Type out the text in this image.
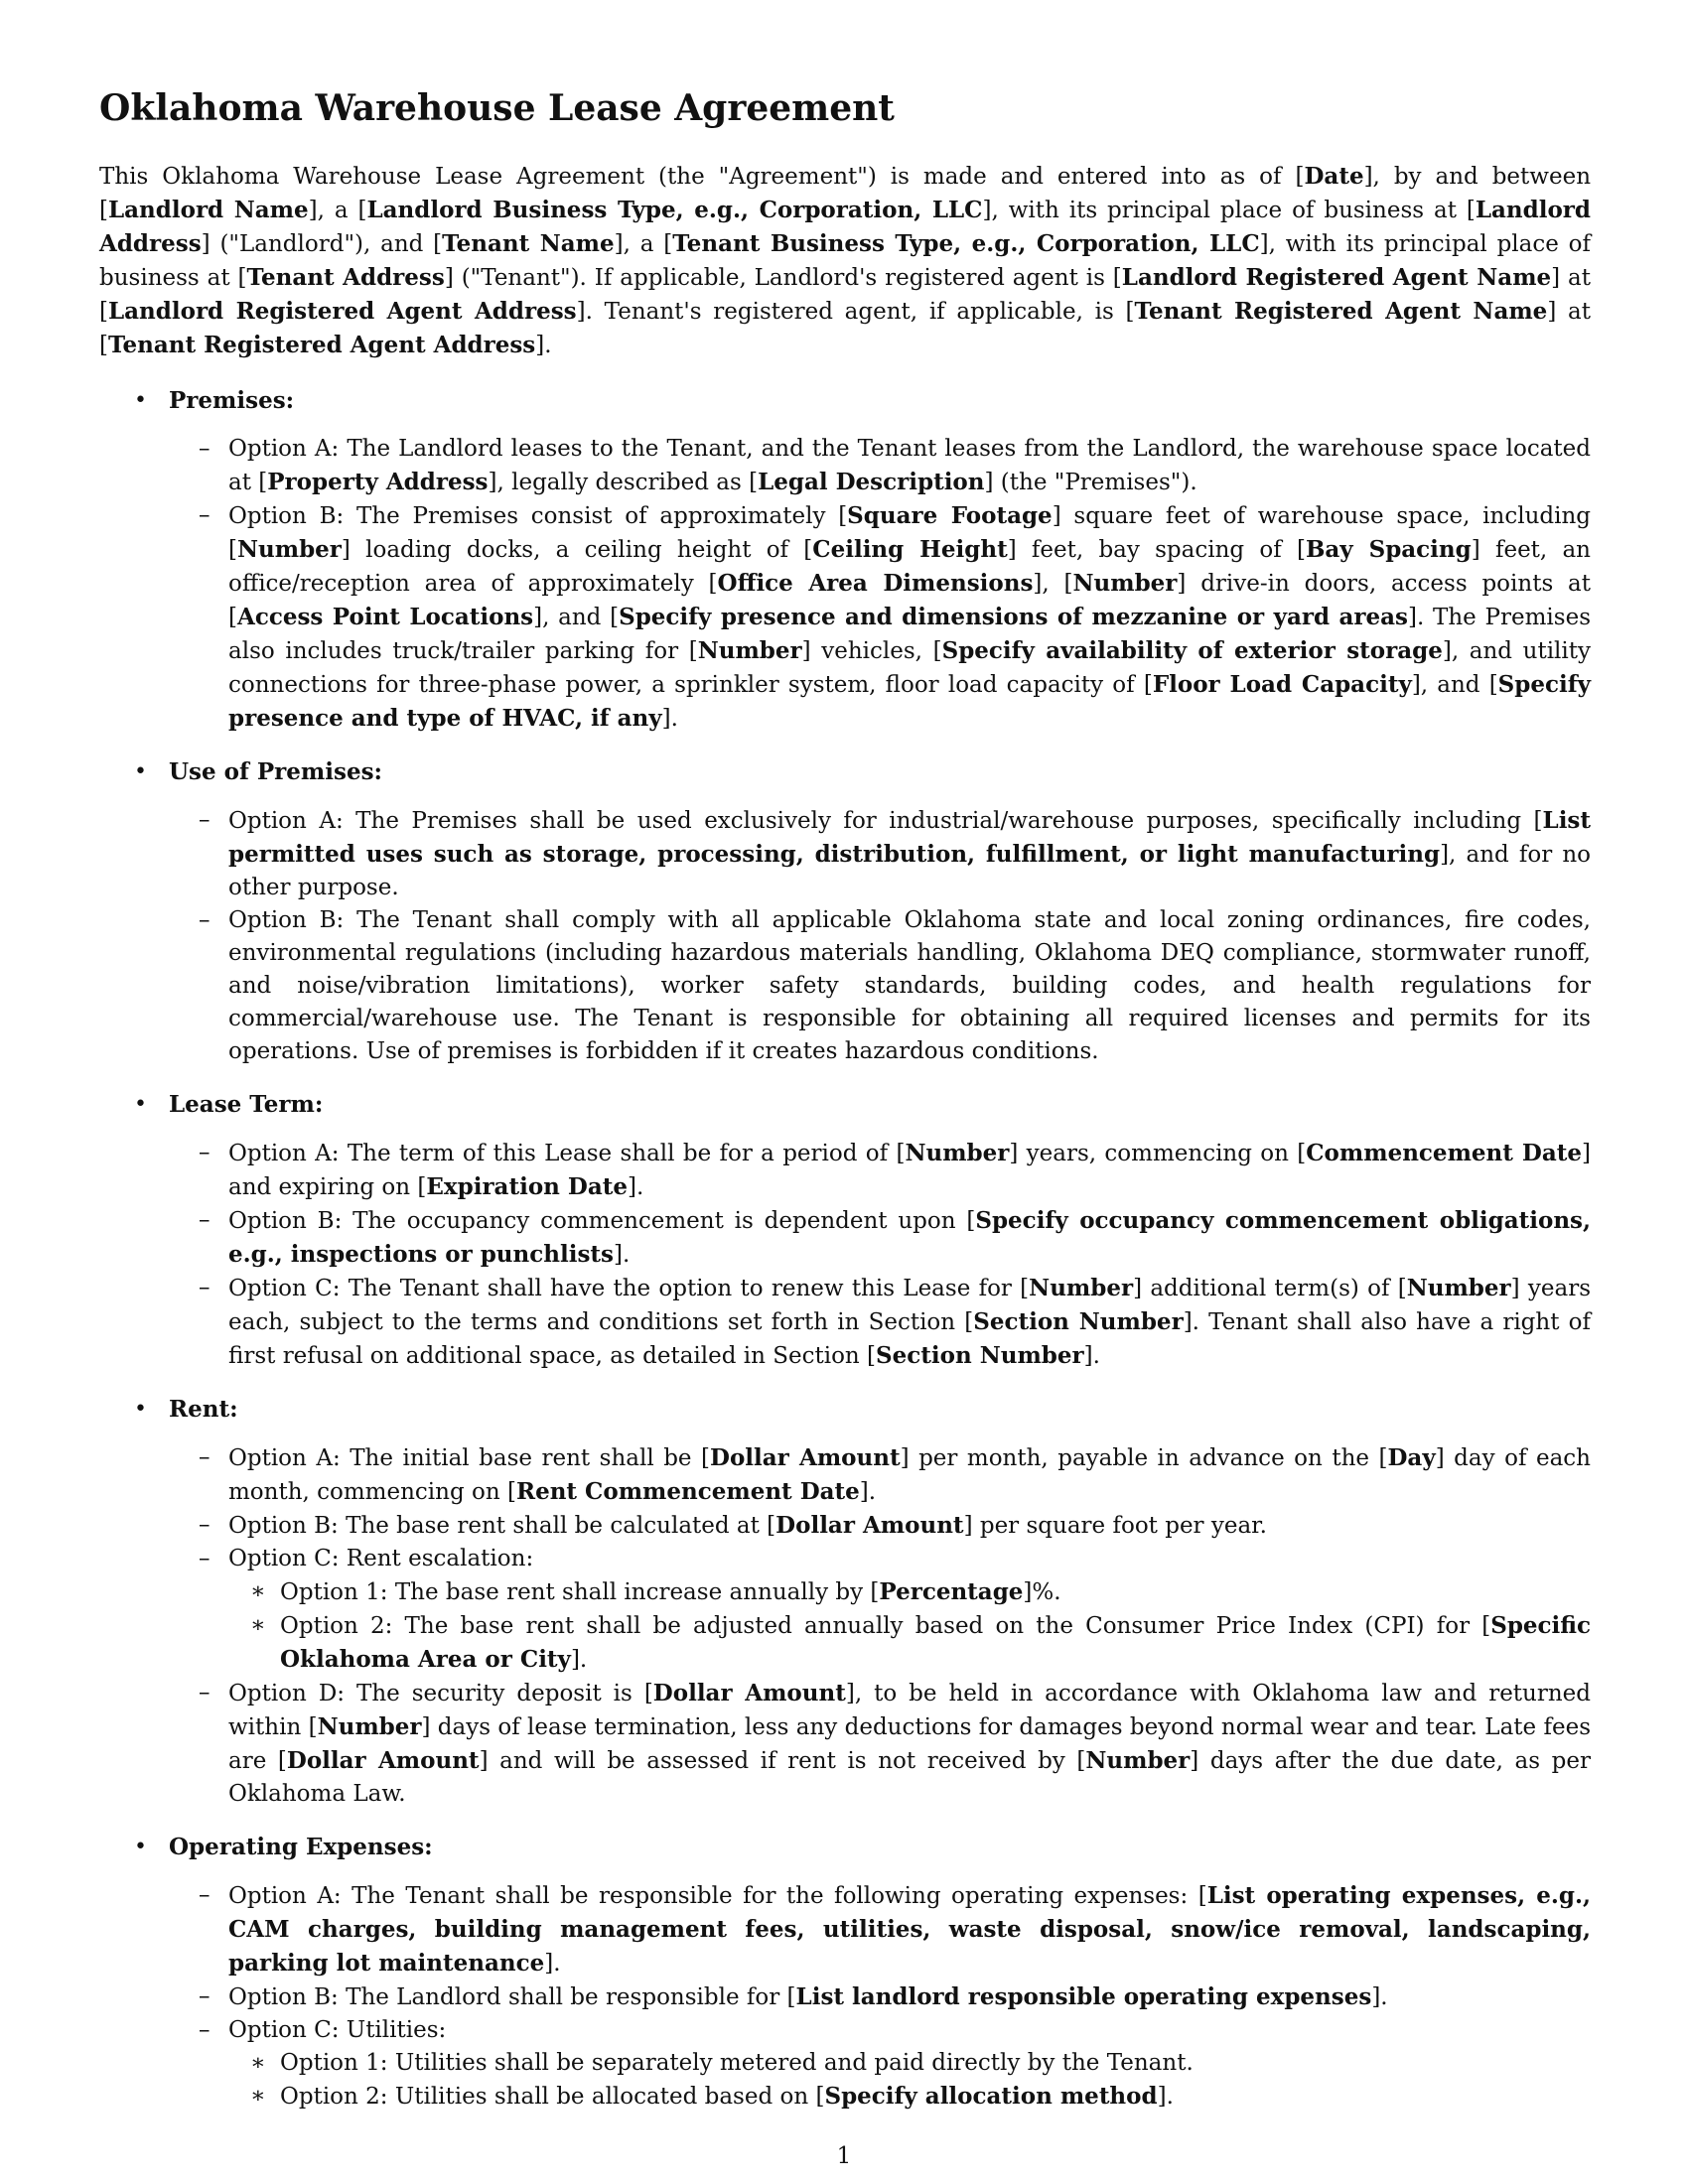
Oklahoma Warehouse Lease Agreement

This Oklahoma Warehouse Lease Agreement (the "Agreement") is made and entered into as of [Date], by and between [Landlord Name], a [Landlord Business Type, e.g., Corporation, LLC], with its principal place of business at [Landlord Address] ("Landlord"), and [Tenant Name], a [Tenant Business Type, e.g., Corporation, LLC], with its principal place of business at [Tenant Address] ("Tenant"). If applicable, Landlord's registered agent is [Landlord Registered Agent Name] at [Landlord Registered Agent Address]. Tenant's registered agent, if applicable, is [Tenant Registered Agent Name] at [Tenant Registered Agent Address].

• Premises:
– Option A: The Landlord leases to the Tenant, and the Tenant leases from the Landlord, the warehouse space located at [Property Address], legally described as [Legal Description] (the "Premises").
– Option B: The Premises consist of approximately [Square Footage] square feet of warehouse space, including [Number] loading docks, a ceiling height of [Ceiling Height] feet, bay spacing of [Bay Spacing] feet, an office/reception area of approximately [Office Area Dimensions], [Number] drive-in doors, access points at [Access Point Locations], and [Specify presence and dimensions of mezzanine or yard areas]. The Premises also includes truck/trailer parking for [Number] vehicles, [Specify availability of exterior storage], and utility connections for three-phase power, a sprinkler system, floor load capacity of [Floor Load Capacity], and [Specify presence and type of HVAC, if any].
• Use of Premises:
– Option A: The Premises shall be used exclusively for industrial/warehouse purposes, specifically including [List permitted uses such as storage, processing, distribution, fulfillment, or light manufacturing], and for no other purpose.
– Option B: The Tenant shall comply with all applicable Oklahoma state and local zoning ordinances, fire codes, environmental regulations (including hazardous materials handling, Oklahoma DEQ compliance, stormwater runoff, and noise/vibration limitations), worker safety standards, building codes, and health regulations for commercial/warehouse use. The Tenant is responsible for obtaining all required licenses and permits for its operations. Use of premises is forbidden if it creates hazardous conditions.
• Lease Term:
– Option A: The term of this Lease shall be for a period of [Number] years, commencing on [Commencement Date] and expiring on [Expiration Date].
– Option B: The occupancy commencement is dependent upon [Specify occupancy commencement obligations, e.g., inspections or punchlists].
– Option C: The Tenant shall have the option to renew this Lease for [Number] additional term(s) of [Number] years each, subject to the terms and conditions set forth in Section [Section Number]. Tenant shall also have a right of first refusal on additional space, as detailed in Section [Section Number].
• Rent:
– Option A: The initial base rent shall be [Dollar Amount] per month, payable in advance on the [Day] day of each month, commencing on [Rent Commencement Date].
– Option B: The base rent shall be calculated at [Dollar Amount] per square foot per year.
– Option C: Rent escalation:
∗ Option 1: The base rent shall increase annually by [Percentage]%.
∗ Option 2: The base rent shall be adjusted annually based on the Consumer Price Index (CPI) for [Specific Oklahoma Area or City].
– Option D: The security deposit is [Dollar Amount], to be held in accordance with Oklahoma law and returned within [Number] days of lease termination, less any deductions for damages beyond normal wear and tear. Late fees are [Dollar Amount] and will be assessed if rent is not received by [Number] days after the due date, as per Oklahoma Law.
• Operating Expenses:
– Option A: The Tenant shall be responsible for the following operating expenses: [List operating expenses, e.g., CAM charges, building management fees, utilities, waste disposal, snow/ice removal, landscaping, parking lot maintenance].
– Option B: The Landlord shall be responsible for [List landlord responsible operating expenses].
– Option C: Utilities:
∗ Option 1: Utilities shall be separately metered and paid directly by the Tenant.
∗ Option 2: Utilities shall be allocated based on [Specify allocation method].
1
